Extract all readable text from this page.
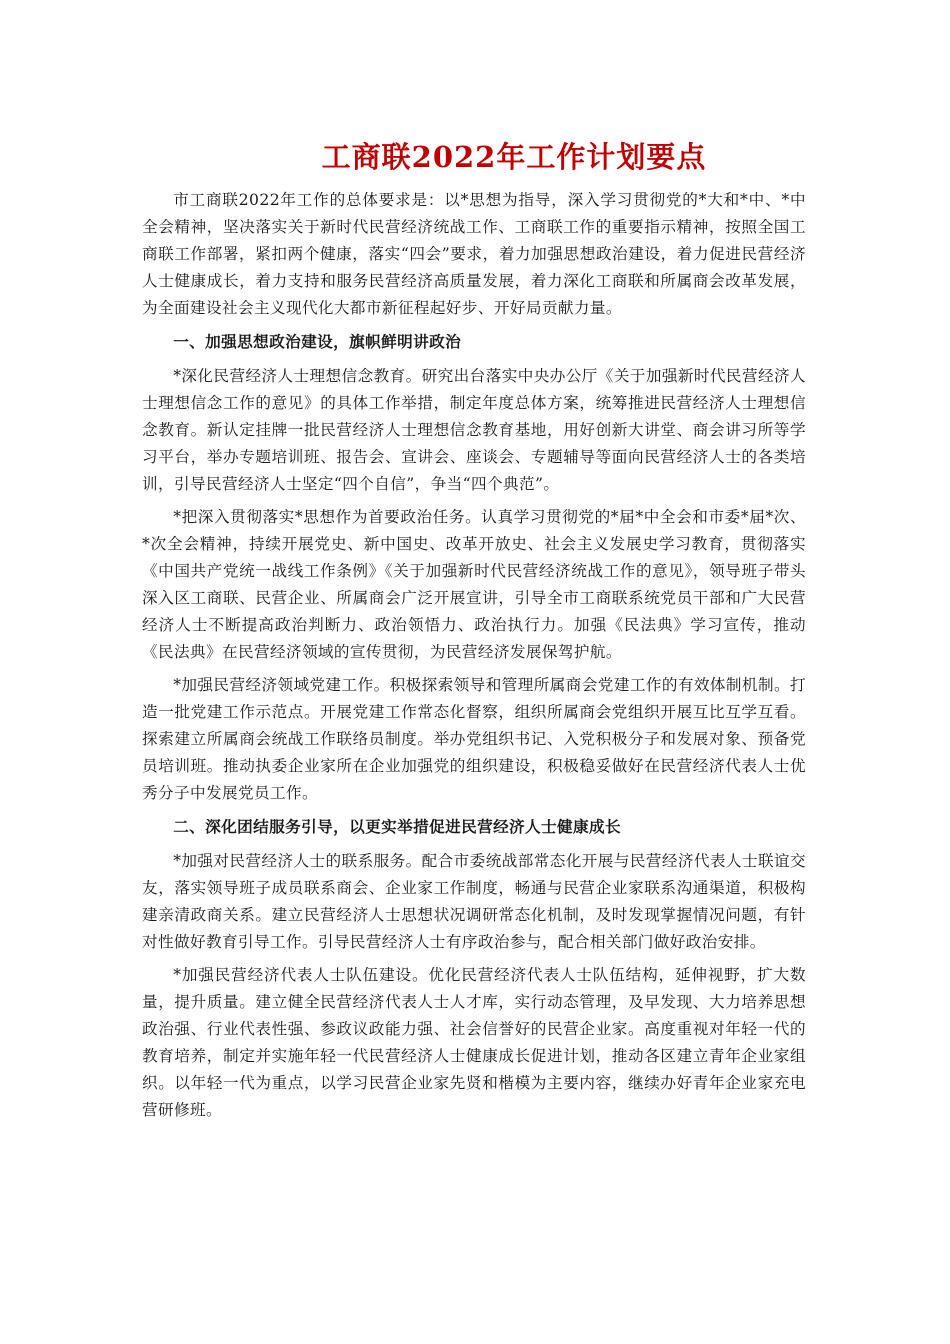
工商联2022年工作计划要点

市工商联2022年工作的总体要求是：以*思想为指导，深入学习贯彻党的*大和*中、*中全会精神，坚决落实关于新时代民营经济统战工作、工商联工作的重要指示精神，按照全国工商联工作部署，紧扣两个健康，落实“四会”要求，着力加强思想政治建设，着力促进民营经济人士健康成长，着力支持和服务民营经济高质量发展，着力深化工商联和所属商会改革发展，为全面建设社会主义现代化大都市新征程起好步、开好局贡献力量。

一、加强思想政治建设，旗帜鲜明讲政治

*深化民营经济人士理想信念教育。研究出台落实中央办公厅《关于加强新时代民营经济人士理想信念工作的意见》的具体工作举措，制定年度总体方案，统筹推进民营经济人士理想信念教育。新认定挂牌一批民营经济人士理想信念教育基地，用好创新大讲堂、商会讲习所等学习平台，举办专题培训班、报告会、宣讲会、座谈会、专题辅导等面向民营经济人士的各类培训，引导民营经济人士坚定“四个自信”，争当“四个典范”。

*把深入贯彻落实*思想作为首要政治任务。认真学习贯彻党的*届*中全会和市委*届*次、*次全会精神，持续开展党史、新中国史、改革开放史、社会主义发展史学习教育，贯彻落实《中国共产党统一战线工作条例》《关于加强新时代民营经济统战工作的意见》，领导班子带头深入区工商联、民营企业、所属商会广泛开展宣讲，引导全市工商联系统党员干部和广大民营经济人士不断提高政治判断力、政治领悟力、政治执行力。加强《民法典》学习宣传，推动《民法典》在民营经济领域的宣传贯彻，为民营经济发展保驾护航。

*加强民营经济领域党建工作。积极探索领导和管理所属商会党建工作的有效体制机制。打造一批党建工作示范点。开展党建工作常态化督察，组织所属商会党组织开展互比互学互看。探索建立所属商会统战工作联络员制度。举办党组织书记、入党积极分子和发展对象、预备党员培训班。推动执委企业家所在企业加强党的组织建设，积极稳妥做好在民营经济代表人士优秀分子中发展党员工作。

二、深化团结服务引导，以更实举措促进民营经济人士健康成长

*加强对民营经济人士的联系服务。配合市委统战部常态化开展与民营经济代表人士联谊交友，落实领导班子成员联系商会、企业家工作制度，畅通与民营企业家联系沟通渠道，积极构建亲清政商关系。建立民营经济人士思想状况调研常态化机制，及时发现掌握情况问题，有针对性做好教育引导工作。引导民营经济人士有序政治参与，配合相关部门做好政治安排。

*加强民营经济代表人士队伍建设。优化民营经济代表人士队伍结构，延伸视野，扩大数量，提升质量。建立健全民营经济代表人士人才库，实行动态管理，及早发现、大力培养思想政治强、行业代表性强、参政议政能力强、社会信誉好的民营企业家。高度重视对年轻一代的教育培养，制定并实施年轻一代民营经济人士健康成长促进计划，推动各区建立青年企业家组织。以年轻一代为重点，以学习民营企业家先贤和楷模为主要内容，继续办好青年企业家充电营研修班。
